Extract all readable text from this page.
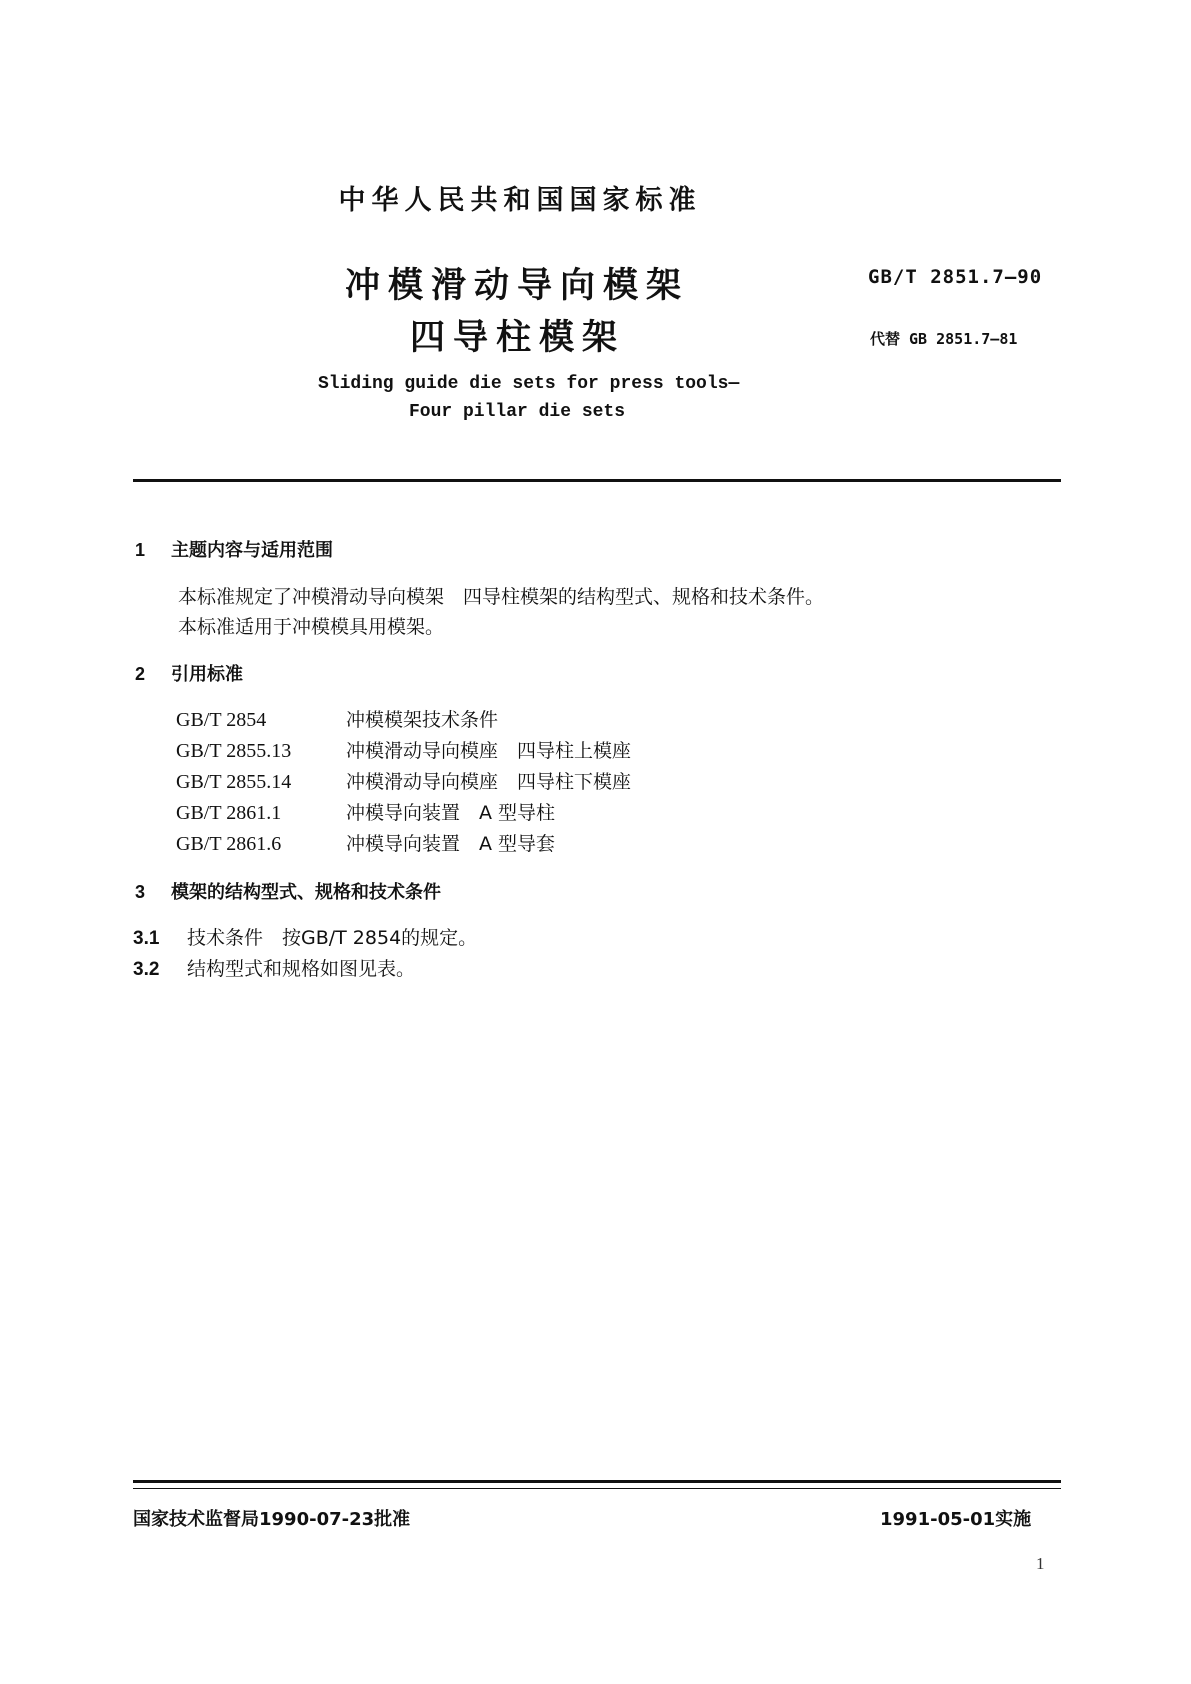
中华人民共和国国家标准
冲模滑动导向模架
四导柱模架
GB/T 2851.7—90
代替 GB 2851.7—81
Sliding guide die sets for press tools—
Four pillar die sets
1 主题内容与适用范围
本标准规定了冲模滑动导向模架　四导柱模架的结构型式、规格和技术条件。
本标准适用于冲模模具用模架。
2 引用标准
GB/T 2854	冲模模架技术条件
GB/T 2855.13	冲模滑动导向模座　四导柱上模座
GB/T 2855.14	冲模滑动导向模座　四导柱下模座
GB/T 2861.1	冲模导向装置　A 型导柱
GB/T 2861.6	冲模导向装置　A 型导套
3 模架的结构型式、规格和技术条件
3.1 技术条件　按GB/T 2854的规定。
3.2 结构型式和规格如图见表。
国家技术监督局1990-07-23批准	1991-05-01实施
1
